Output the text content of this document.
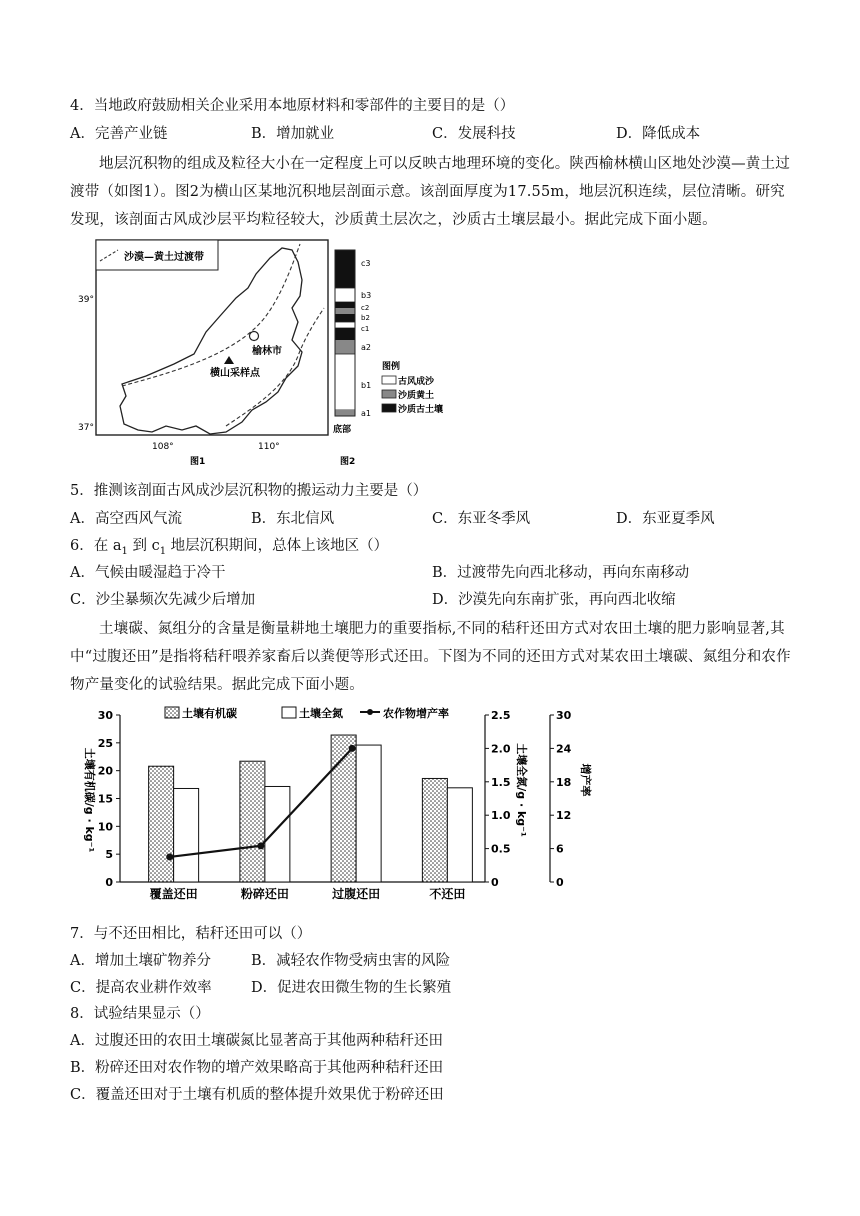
4．当地政府鼓励相关企业采用本地原材料和零部件的主要目的是（）
A．完善产业链	B．增加就业	C．发展科技	D．降低成本
地层沉积物的组成及粒径大小在一定程度上可以反映古地理环境的变化。陕西榆林横山区地处沙漠—黄土过渡带（如图1）。图2为横山区某地沉积地层剖面示意。该剖面厚度为17.55m，地层沉积连续，层位清晰。研究发现，该剖面古风成沙层平均粒径较大，沙质黄土层次之，沙质古土壤层最小。据此完成下面小题。
沙漠—黄土过渡带
39°
37°
108°	110°
图1
榆林市
横山采样点
c3
b3
c2
b2
c1
a2
b1
a1
底部
图2
图例
古风成沙
沙质黄土
沙质古土壤
5．推测该剖面古风成沙层沉积物的搬运动力主要是（）
A．高空西风气流	B．东北信风	C．东亚冬季风	D．东亚夏季风
6．在 $a_1$ 到 $c_1$ 地层沉积期间，总体上该地区（）
A．气候由暖湿趋于冷干	B．过渡带先向西北移动，再向东南移动
C．沙尘暴频次先减少后增加	D．沙漠先向东南扩张，再向西北收缩
土壤碳、氮组分的含量是衡量耕地土壤肥力的重要指标,不同的秸秆还田方式对农田土壤的肥力影响显著,其中“过腹还田”是指将秸秆喂养家畜后以粪便等形式还田。下图为不同的还田方式对某农田土壤碳、氮组分和农作物产量变化的试验结果。据此完成下面小题。
土壤有机碳	土壤全氮	农作物增产率
土壤有机碳/g · kg⁻¹	土壤全氮/g · kg⁻¹	增产率
0
5
10
15
20
25
30
0
0.5
1.0
1.5
2.0
2.5
0
6
12
18
24
30
覆盖还田	粉碎还田	过腹还田	不还田
7．与不还田相比，秸秆还田可以（）
A．增加土壤矿物养分	B．减轻农作物受病虫害的风险
C．提高农业耕作效率	D．促进农田微生物的生长繁殖
8．试验结果显示（）
A．过腹还田的农田土壤碳氮比显著高于其他两种秸秆还田
B．粉碎还田对农作物的增产效果略高于其他两种秸秆还田
C．覆盖还田对于土壤有机质的整体提升效果优于粉碎还田
